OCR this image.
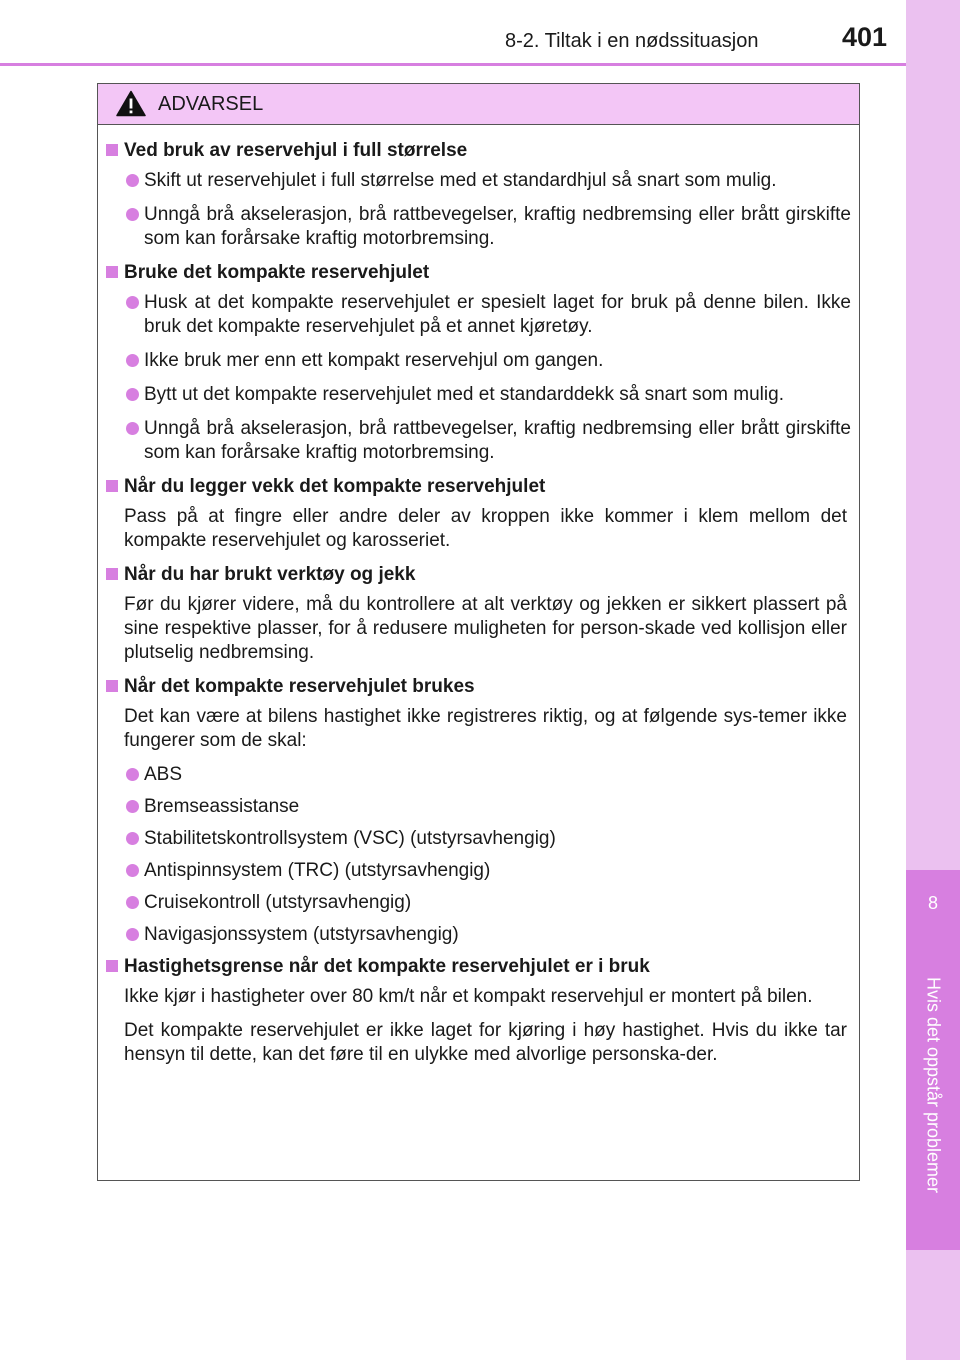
8-2. Tiltak i en nødssituasjon	401
8
Hvis det oppstår problemer
ADVARSEL
Ved bruk av reservehjul i full størrelse
Skift ut reservehjulet i full størrelse med et standardhjul så snart som mulig.
Unngå brå akselerasjon, brå rattbevegelser, kraftig nedbremsing eller brått girskifte som kan forårsake kraftig motorbremsing.
Bruke det kompakte reservehjulet
Husk at det kompakte reservehjulet er spesielt laget for bruk på denne bilen. Ikke bruk det kompakte reservehjulet på et annet kjøretøy.
Ikke bruk mer enn ett kompakt reservehjul om gangen.
Bytt ut det kompakte reservehjulet med et standarddekk så snart som mulig.
Unngå brå akselerasjon, brå rattbevegelser, kraftig nedbremsing eller brått girskifte som kan forårsake kraftig motorbremsing.
Når du legger vekk det kompakte reservehjulet
Pass på at fingre eller andre deler av kroppen ikke kommer i klem mellom det kompakte reservehjulet og karosseriet.
Når du har brukt verktøy og jekk
Før du kjører videre, må du kontrollere at alt verktøy og jekken er sikkert plassert på sine respektive plasser, for å redusere muligheten for person-skade ved kollisjon eller plutselig nedbremsing.
Når det kompakte reservehjulet brukes
Det kan være at bilens hastighet ikke registreres riktig, og at følgende sys-temer ikke fungerer som de skal:
ABS
Bremseassistanse
Stabilitetskontrollsystem (VSC) (utstyrsavhengig)
Antispinnsystem (TRC) (utstyrsavhengig)
Cruisekontroll (utstyrsavhengig)
Navigasjonssystem (utstyrsavhengig)
Hastighetsgrense når det kompakte reservehjulet er i bruk
Ikke kjør i hastigheter over 80 km/t når et kompakt reservehjul er montert på bilen.
Det kompakte reservehjulet er ikke laget for kjøring i høy hastighet. Hvis du ikke tar hensyn til dette, kan det føre til en ulykke med alvorlige personska-der.
